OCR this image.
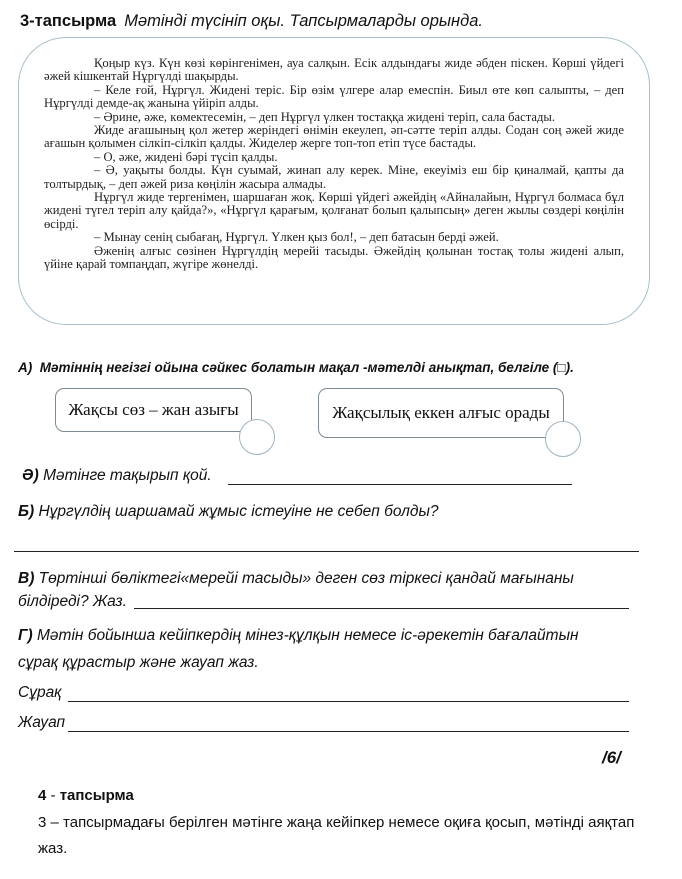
3-тапсырма Мәтінді түсініп оқы. Тапсырмаларды орында.

Қоңыр күз. Күн көзі көрінгенімен, ауа салқын. Есік алдындағы жиде әбден піскен. Көрші үйдегі әжей кішкентай Нұргүлді шақырды.

– Келе ғой, Нұргүл. Жидені теріс. Бір өзім үлгере алар емеспін. Биыл өте көп салыпты, – деп Нұргүлді демде-ақ жанына үйіріп алды.

– Әрине, әже, көмектесемін, – деп Нұргүл үлкен тостаққа жидені теріп, сала бастады.

Жиде ағашының қол жетер жеріндегі өнімін екеулеп, әп-сәтте теріп алды. Содан соң әжей жиде ағашын қолымен сілкіп-сілкіп қалды. Жиделер жерге топ-топ етіп түсе бастады.

– О, әже, жидені бәрі түсіп қалды.

– Ә, уақыты болды. Күн суымай, жинап алу керек. Міне, екеуіміз еш бір қиналмай, қапты да толтырдық, – деп әжей риза көңілін жасыра алмады.

Нұргүл жиде тергенімен, шаршаған жоқ. Көрші үйдегі әжейдің «Айналайын, Нұргүл болмаса бұл жидені түгел теріп алу қайда?», «Нұргүл қарағым, қолғанат болып қалыпсың» деген жылы сөздері көңілін өсірді.

– Мынау сенің сыбағаң, Нұргүл. Үлкен қыз бол!, – деп батасын берді әжей.

Әженің алғыс сөзінен Нұргүлдің мерейі тасыды. Әжейдің қолынан тостақ толы жидені алып, үйіне қарай томпаңдап, жүгіре жөнелді.

А) Мәтіннің негізгі ойына сәйкес болатын мақал -мәтелді анықтап, белгіле (□).
Жақсы сөз – жан азығы	Жақсылық еккен алғыс орады
Ә) Мәтінге тақырып қой.
Б) Нұргүлдің шаршамай жұмыс істеуіне не себеп болды?
В) Төртінші бөліктегі«мерейі тасыды» деген сөз тіркесі қандай мағынаны
білдіреді? Жаз.
Г) Мәтін бойынша кейіпкердің мінез-құлқын немесе іс-әрекетін бағалайтын
сұрақ құрастыр және жауап жаз.
Сұрақ
Жауап
/6/
4 - тапсырма
3 – тапсырмадағы берілген мәтінге жаңа кейіпкер немесе оқиға қосып, мәтінді аяқтап жаз.
